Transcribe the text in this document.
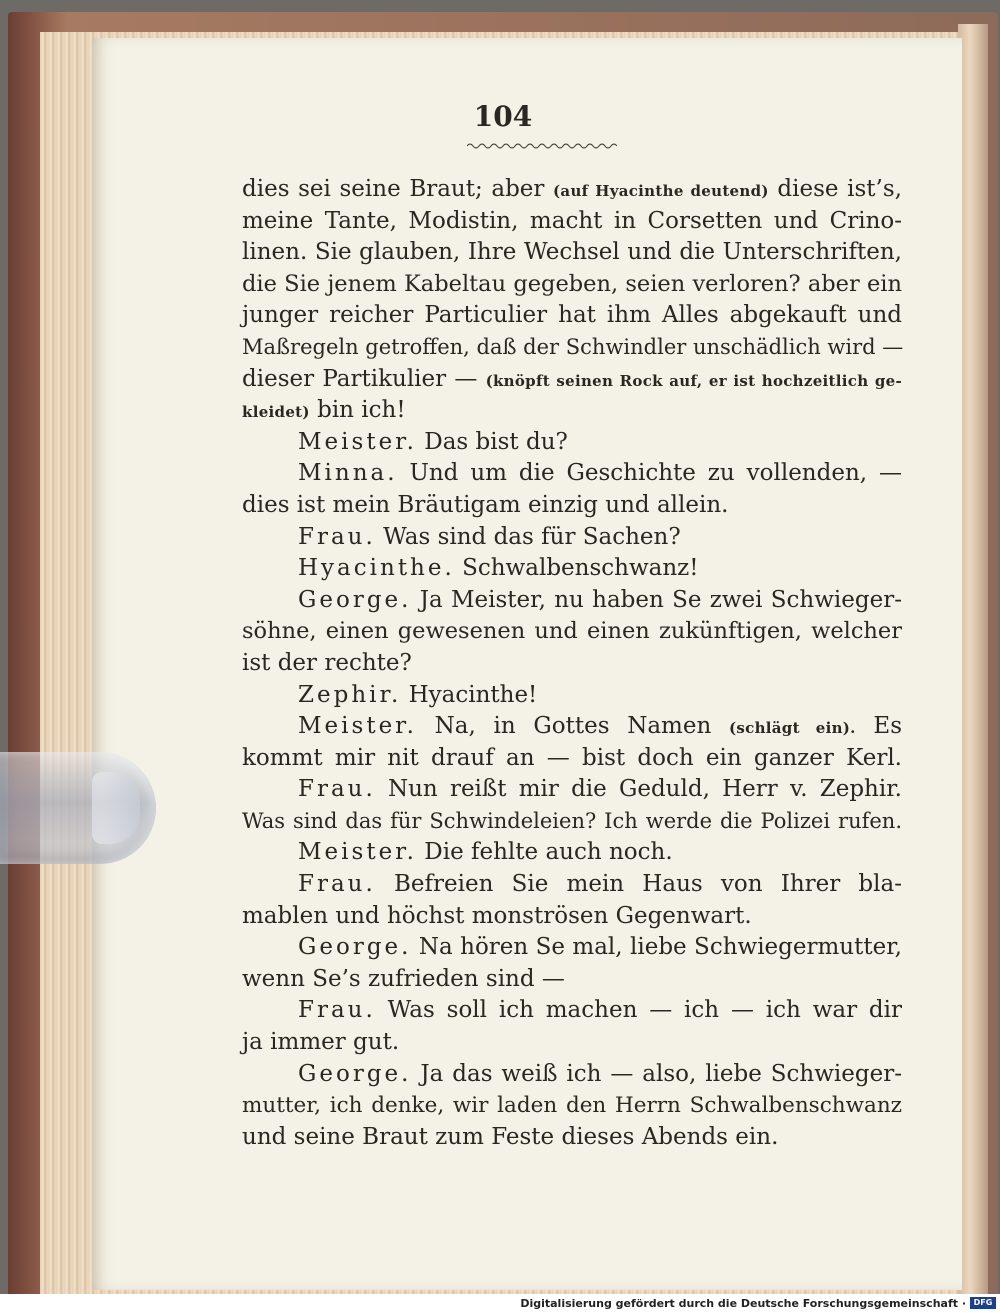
104
dies sei seine Braut; aber (auf Hyacinthe deutend) diese ist’s,
meine Tante, Modistin, macht in Corsetten und Crino-
linen. Sie glauben, Ihre Wechsel und die Unterschriften,
die Sie jenem Kabeltau gegeben, seien verloren? aber ein
junger reicher Particulier hat ihm Alles abgekauft und
Maßregeln getroffen, daß der Schwindler unschädlich wird —
dieser Partikulier — (knöpft seinen Rock auf, er ist hochzeitlich ge-
kleidet) bin ich!
Meister. Das bist du?
Minna. Und um die Geschichte zu vollenden, —
dies ist mein Bräutigam einzig und allein.
Frau. Was sind das für Sachen?
Hyacinthe. Schwalbenschwanz!
George. Ja Meister, nu haben Se zwei Schwieger-
söhne, einen gewesenen und einen zukünftigen, welcher
ist der rechte?
Zephir. Hyacinthe!
Meister. Na, in Gottes Namen (schlägt ein). Es
kommt mir nit drauf an — bist doch ein ganzer Kerl.
Frau. Nun reißt mir die Geduld, Herr v. Zephir.
Was sind das für Schwindeleien? Ich werde die Polizei rufen.
Meister. Die fehlte auch noch.
Frau. Befreien Sie mein Haus von Ihrer bla-
mablen und höchst monströsen Gegenwart.
George. Na hören Se mal, liebe Schwiegermutter,
wenn Se’s zufrieden sind —
Frau. Was soll ich machen — ich — ich war dir
ja immer gut.
George. Ja das weiß ich — also, liebe Schwieger-
mutter, ich denke, wir laden den Herrn Schwalbenschwanz
und seine Braut zum Feste dieses Abends ein.
Digitalisierung gefördert durch die Deutsche Forschungsgemeinschaft · DFG
